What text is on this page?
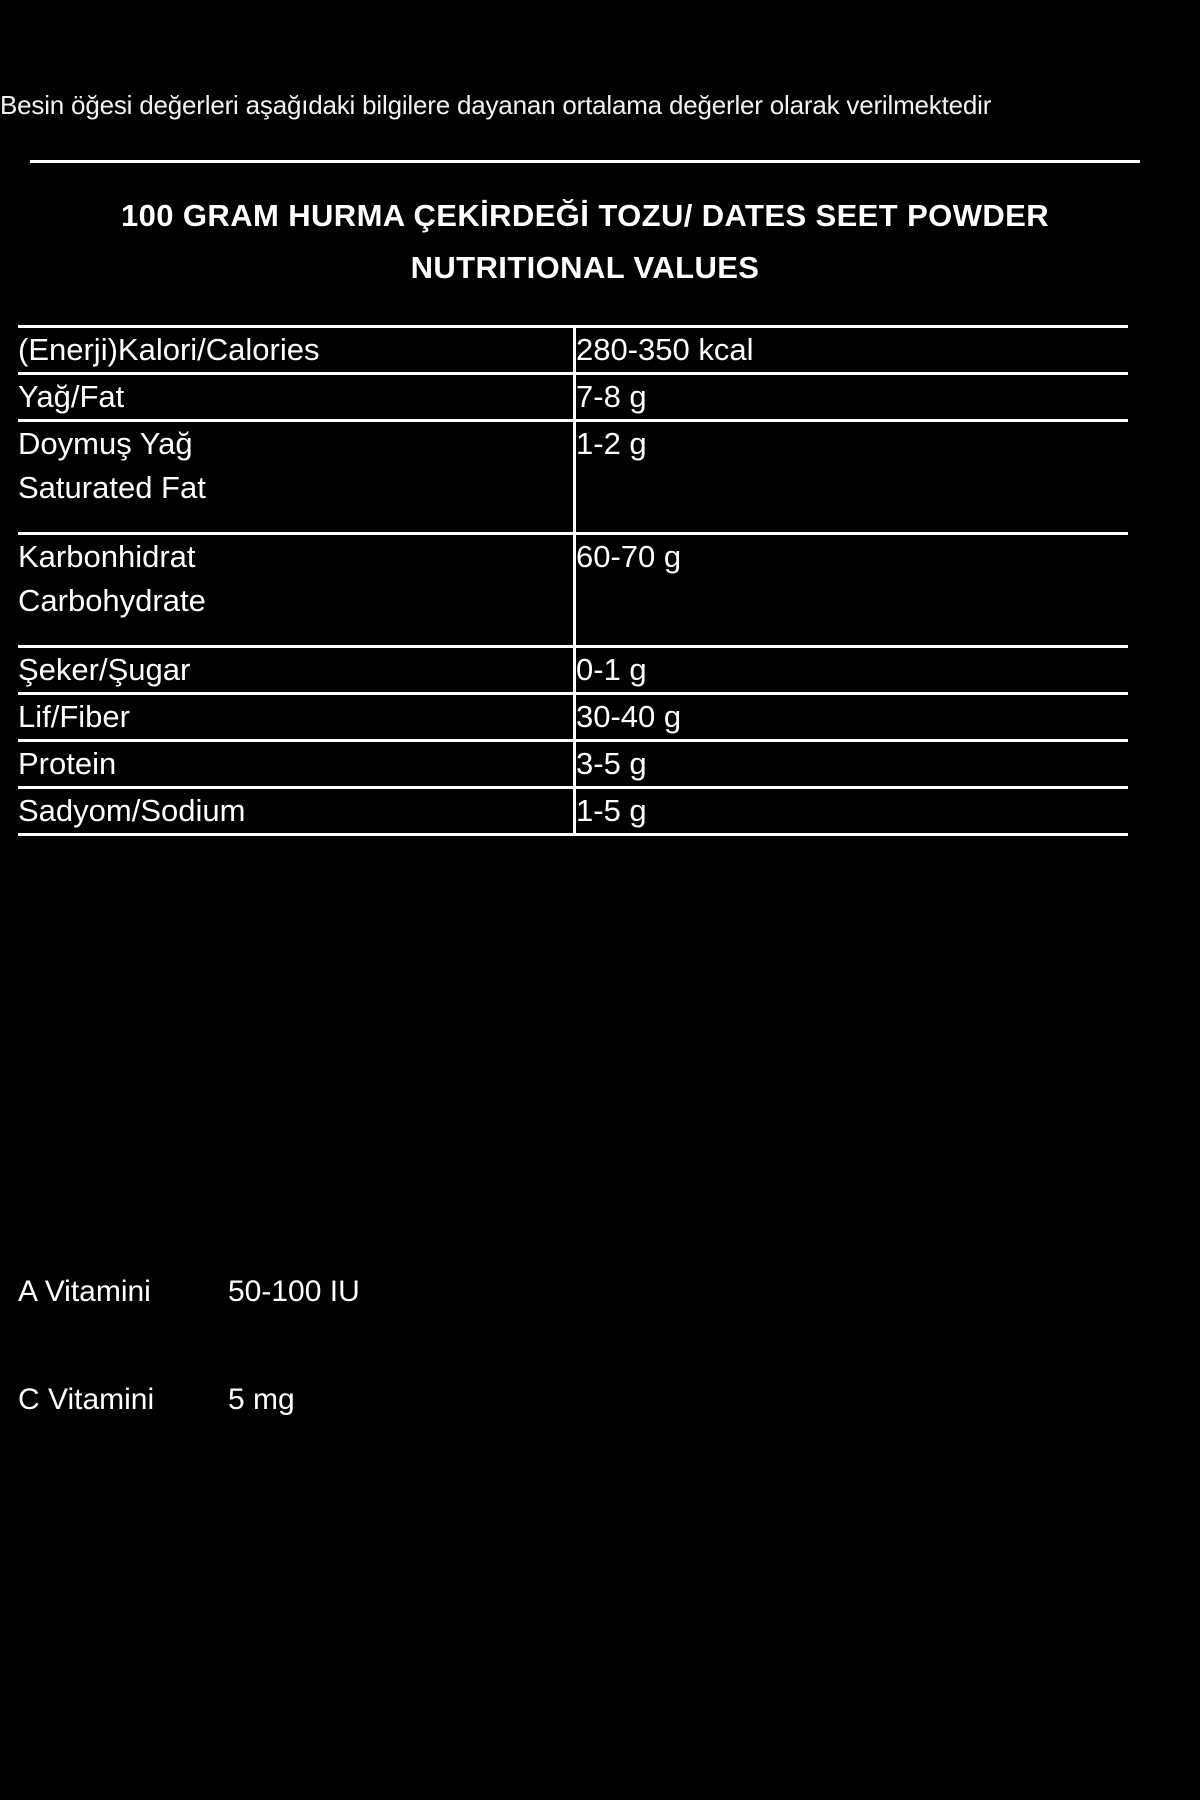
Besin öğesi değerleri aşağıdaki bilgilere dayanan ortalama değerler olarak verilmektedir
100 GRAM HURMA ÇEKİRDEĞİ TOZU/ DATES SEET POWDER
NUTRITIONAL VALUES
(Enerji)Kalori/Calories	280-350 kcal

Yağ/Fat	7-8 g

Doymuş Yağ
Saturated Fat	1-2 g

Karbonhidrat
Carbohydrate	60-70 g

Şeker/Şugar	0-1 g

Lif/Fiber	30-40 g

Protein	3-5 g

Sadyom/Sodium	1-5 g
A Vitamini	50-100 IU
C Vitamini	5 mg
